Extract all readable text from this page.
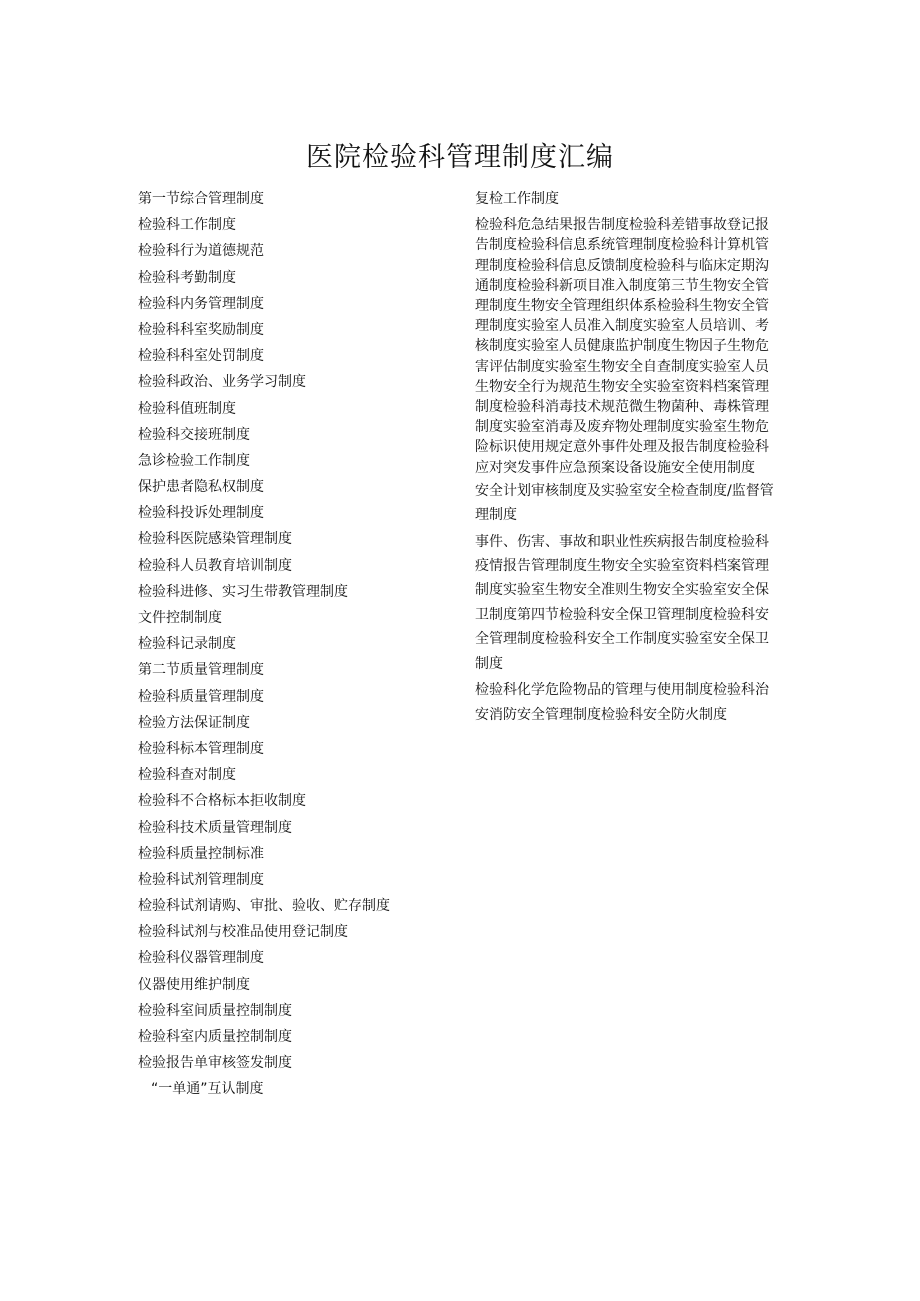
医院检验科管理制度汇编
第一节综合管理制度
检验科工作制度
检验科行为道德规范
检验科考勤制度
检验科内务管理制度
检验科科室奖励制度
检验科科室处罚制度
检验科政治、业务学习制度
检验科值班制度
检验科交接班制度
急诊检验工作制度
保护患者隐私权制度
检验科投诉处理制度
检验科医院感染管理制度
检验科人员教育培训制度
检验科进修、实习生带教管理制度
文件控制制度
检验科记录制度
第二节质量管理制度
检验科质量管理制度
检验方法保证制度
检验科标本管理制度
检验科查对制度
检验科不合格标本拒收制度
检验科技术质量管理制度
检验科质量控制标准
检验科试剂管理制度
检验科试剂请购、审批、验收、贮存制度
检验科试剂与校准品使用登记制度
检验科仪器管理制度
仪器使用维护制度
检验科室间质量控制制度
检验科室内质量控制制度
检验报告单审核签发制度
“一单通”互认制度
复检工作制度
检验科危急结果报告制度检验科差错事故登记报告制度检验科信息系统管理制度检验科计算机管理制度检验科信息反馈制度检验科与临床定期沟通制度检验科新项目准入制度第三节生物安全管理制度生物安全管理组织体系检验科生物安全管理制度实验室人员准入制度实验室人员培训、考核制度实验室人员健康监护制度生物因子生物危害评估制度实验室生物安全自查制度实验室人员生物安全行为规范生物安全实验室资料档案管理制度检验科消毒技术规范微生物菌种、毒株管理制度实验室消毒及废弃物处理制度实验室生物危险标识使用规定意外事件处理及报告制度检验科应对突发事件应急预案设备设施安全使用制度
安全计划审核制度及实验室安全检查制度/监督管理制度
事件、伤害、事故和职业性疾病报告制度检验科疫情报告管理制度生物安全实验室资料档案管理制度实验室生物安全准则生物安全实验室安全保卫制度第四节检验科安全保卫管理制度检验科安全管理制度检验科安全工作制度实验室安全保卫制度
检验科化学危险物品的管理与使用制度检验科治安消防安全管理制度检验科安全防火制度
